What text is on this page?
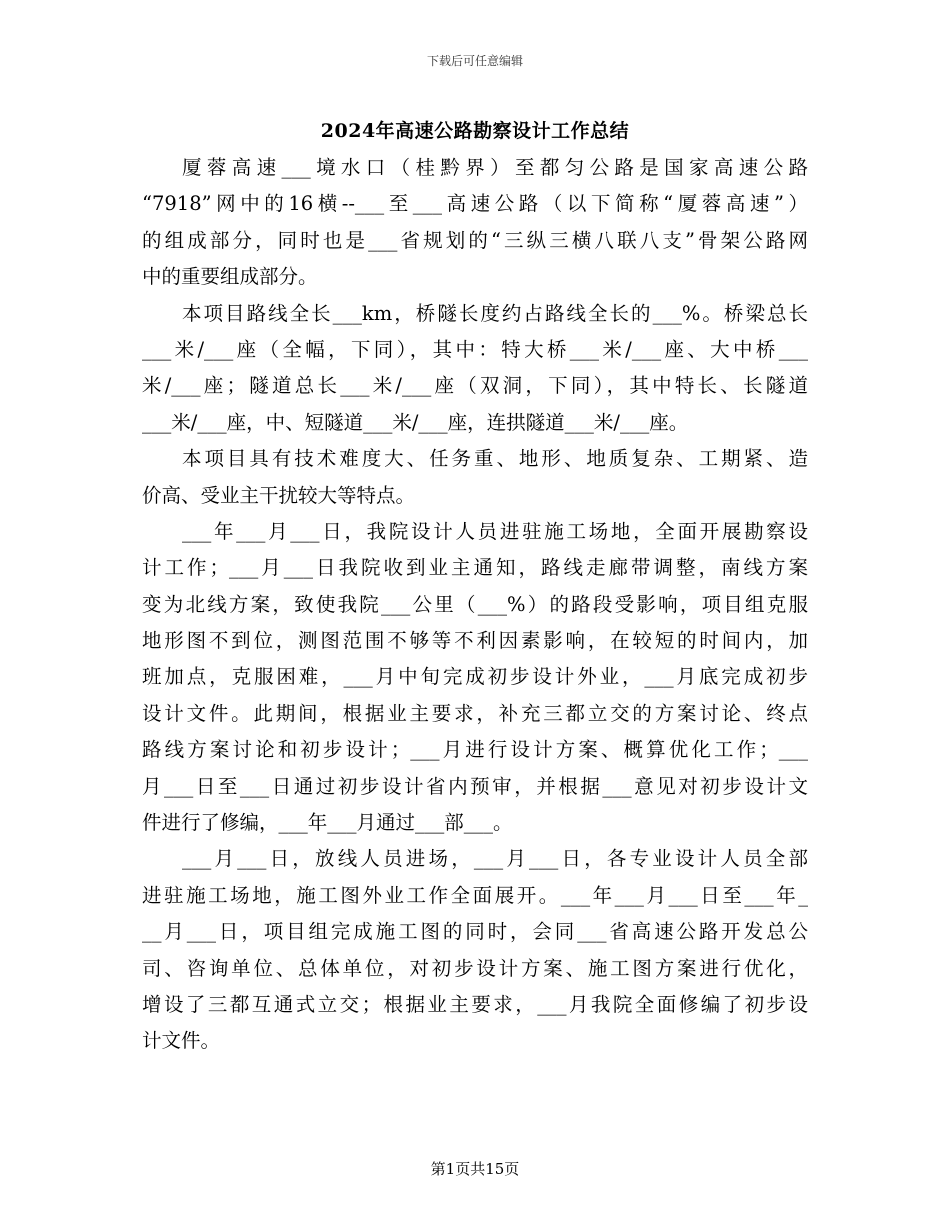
下载后可任意编辑
2024年高速公路勘察设计工作总结
厦蓉高速___境水口（桂黔界）至都匀公路是国家高速公路
“7918”网中的16横--___至___高速公路（以下简称“厦蓉高速”）
的组成部分，同时也是___省规划的“三纵三横八联八支”骨架公路网
中的重要组成部分。
本项目路线全长___km，桥隧长度约占路线全长的___%。桥梁总长
___米/___座（全幅，下同），其中：特大桥___米/___座、大中桥___
米/___座；隧道总长___米/___座（双洞，下同），其中特长、长隧道
___米/___座，中、短隧道___米/___座，连拱隧道___米/___座。
本项目具有技术难度大、任务重、地形、地质复杂、工期紧、造
价高、受业主干扰较大等特点。
___年___月___日，我院设计人员进驻施工场地，全面开展勘察设
计工作；___月___日我院收到业主通知，路线走廊带调整，南线方案
变为北线方案，致使我院___公里（___%）的路段受影响，项目组克服
地形图不到位，测图范围不够等不利因素影响，在较短的时间内，加
班加点，克服困难，___月中旬完成初步设计外业，___月底完成初步
设计文件。此期间，根据业主要求，补充三都立交的方案讨论、终点
路线方案讨论和初步设计；___月进行设计方案、概算优化工作；___
月___日至___日通过初步设计省内预审，并根据___意见对初步设计文
件进行了修编，___年___月通过___部___。
___月___日，放线人员进场，___月___日，各专业设计人员全部
进驻施工场地，施工图外业工作全面展开。___年___月___日至___年_
__月___日，项目组完成施工图的同时，会同___省高速公路开发总公
司、咨询单位、总体单位，对初步设计方案、施工图方案进行优化，
增设了三都互通式立交；根据业主要求，___月我院全面修编了初步设
计文件。
第1页共15页
